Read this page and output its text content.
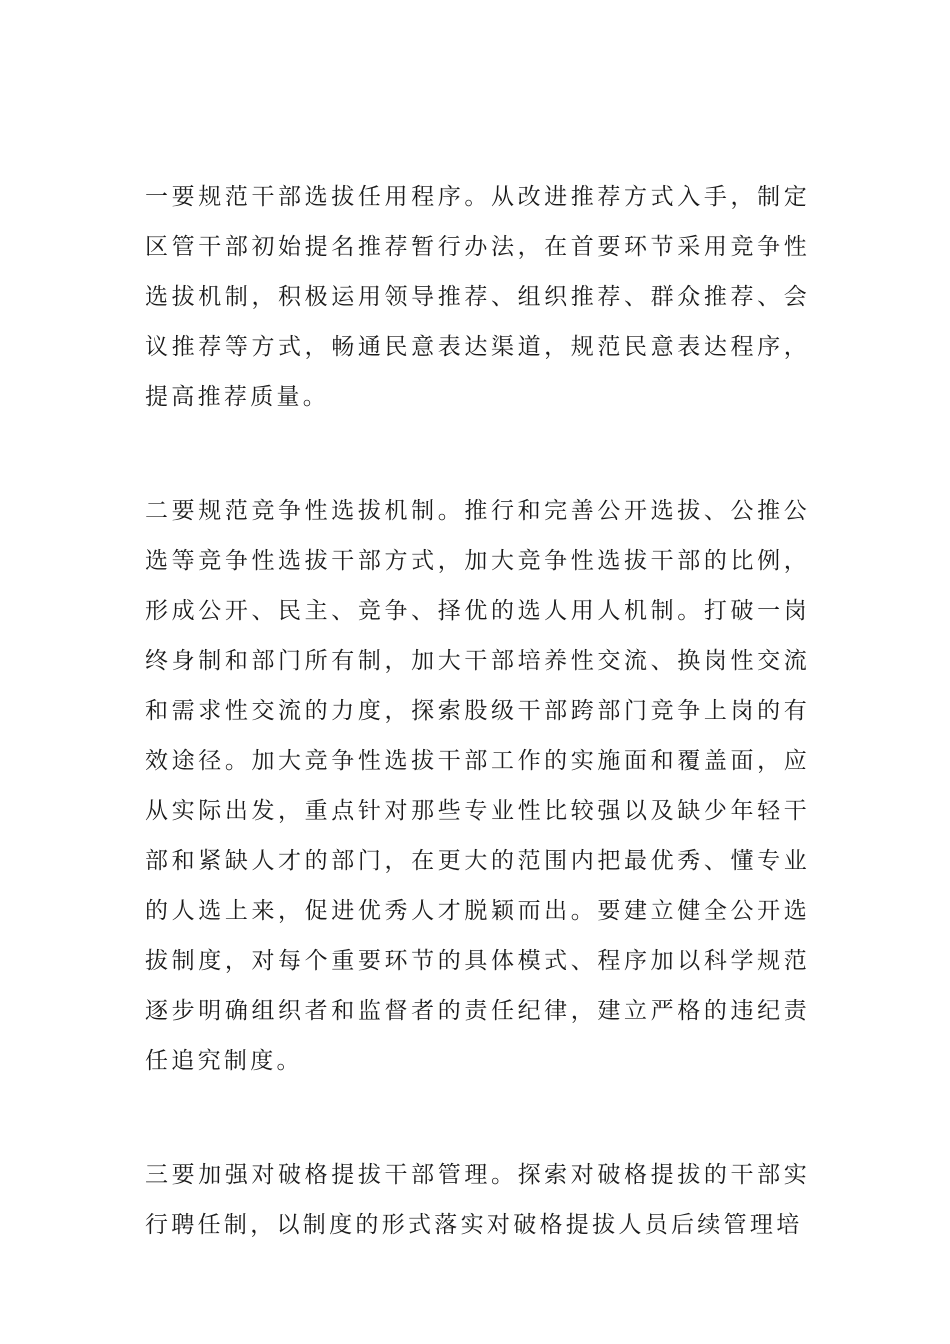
一要规范干部选拔任用程序。从改进推荐方式入手，制定区管干部初始提名推荐暂行办法，在首要环节采用竞争性选拔机制，积极运用领导推荐、组织推荐、群众推荐、会议推荐等方式，畅通民意表达渠道，规范民意表达程序，提高推荐质量。

二要规范竞争性选拔机制。推行和完善公开选拔、公推公选等竞争性选拔干部方式，加大竞争性选拔干部的比例，形成公开、民主、竞争、择优的选人用人机制。打破一岗终身制和部门所有制，加大干部培养性交流、换岗性交流和需求性交流的力度，探索股级干部跨部门竞争上岗的有效途径。加大竞争性选拔干部工作的实施面和覆盖面，应从实际出发，重点针对那些专业性比较强以及缺少年轻干部和紧缺人才的部门，在更大的范围内把最优秀、懂专业的人选上来，促进优秀人才脱颖而出。要建立健全公开选拔制度，对每个重要环节的具体模式、程序加以科学规范逐步明确组织者和监督者的责任纪律，建立严格的违纪责任追究制度。

三要加强对破格提拔干部管理。探索对破格提拔的干部实行聘任制，以制度的形式落实对破格提拔人员后续管理培
